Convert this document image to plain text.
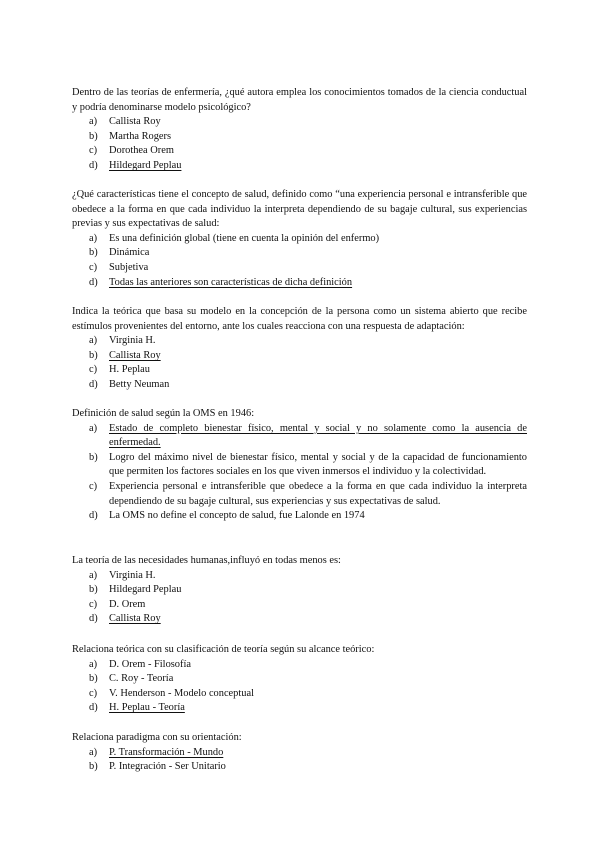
Dentro de las teorías de enfermería, ¿qué autora emplea los conocimientos tomados de la ciencia conductual y podría denominarse modelo psicológico?

a) Callista Roy
b) Martha Rogers
c) Dorothea Orem
d) Hildegard Peplau

¿Qué características tiene el concepto de salud, definido como “una experiencia personal e intransferible que obedece a la forma en que cada individuo la interpreta dependiendo de su bagaje cultural, sus experiencias previas y sus expectativas de salud:

a) Es una definición global (tiene en cuenta la opinión del enfermo)
b) Dinámica
c) Subjetiva
d) Todas las anteriores son características de dicha definición

Indica la teórica que basa su modelo en la concepción de la persona como un sistema abierto que recibe estímulos provenientes del entorno, ante los cuales reacciona con una respuesta de adaptación:

a) Virginia H.
b) Callista Roy
c) H. Peplau
d) Betty Neuman

Definición de salud según la OMS en 1946:

a) Estado de completo bienestar físico, mental y social y no solamente como la ausencia de enfermedad.
b) Logro del máximo nivel de bienestar físico, mental y social y de la capacidad de funcionamiento que permiten los factores sociales en los que viven inmersos el individuo y la colectividad.
c) Experiencia personal e intransferible que obedece a la forma en que cada individuo la interpreta dependiendo de su bagaje cultural, sus experiencias y sus expectativas de salud.
d) La OMS no define el concepto de salud, fue Lalonde en 1974

La teoría de las necesidades humanas,influyó en todas menos es:

a) Virginia H.
b) Hildegard Peplau
c) D. Orem
d) Callista Roy

Relaciona teórica con su clasificación de teoría según su alcance teórico:

a) D. Orem - Filosofía
b) C. Roy - Teoría
c) V. Henderson - Modelo conceptual
d) H. Peplau - Teoría

Relaciona paradigma con su orientación:

a) P. Transformación - Mundo
b) P. Integración - Ser Unitario
